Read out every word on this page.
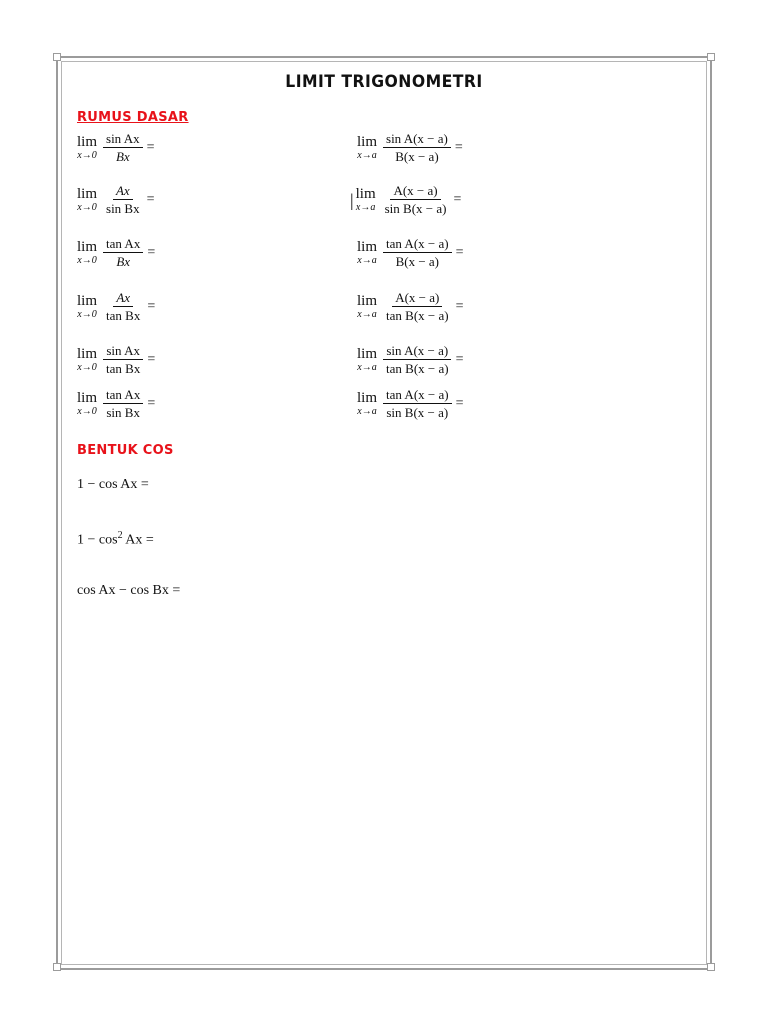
LIMIT TRIGONOMETRI
RUMUS DASAR
lim
$x\to 0 \frac{\text{sin Ax}}{Bx}$ =
lim
$x\to 0 \frac{Ax}{\text{sin Bx}}$ =
lim
$x\to 0 \frac{\text{tan Ax}}{Bx}$ =
lim
$x\to 0 \frac{Ax}{\text{tan Bx}}$ =
lim
$x\to 0 \frac{\text{sin Ax}}{\text{tan Bx}}$ =
lim
$x\to 0 \frac{\text{tan Ax}}{\text{sin Bx}}$ =
lim
$x\to a \frac{\text{sin A(x − a)}}{B(x - a)}$ =
| lim
$x\to a \frac{A(x - a)}{\text{sin B(x − a)}}$ =
lim
$x\to a \frac{\text{tan A(x − a)}}{B(x - a)}$ =
lim
$x\to a \frac{A(x - a)}{\text{tan B(x − a)}}$ =
lim
$x\to a \frac{\text{sin A(x − a)}}{\text{tan B(x − a)}}$ =
lim
$x\to a \frac{\text{tan A(x − a)}}{\text{sin B(x − a)}}$ =
BENTUK COS
1 − cos Ax =
$1 - \cos^2 Ax$ =
cos Ax − cos Bx =
